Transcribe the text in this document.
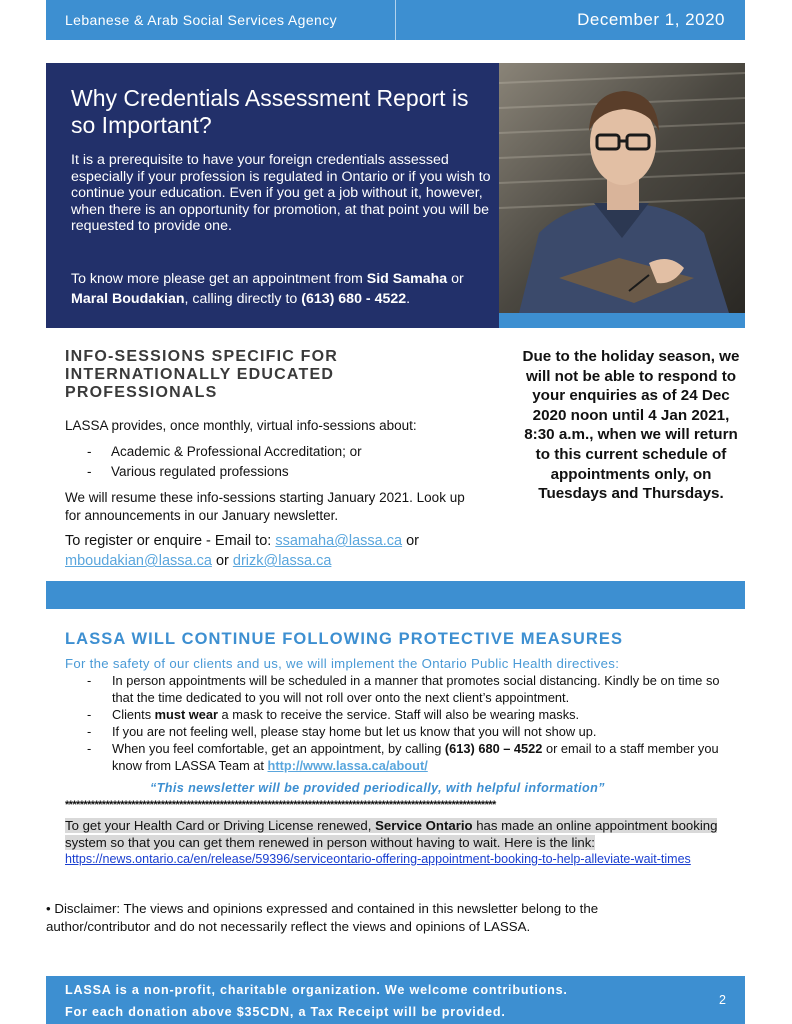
Lebanese & Arab Social Services Agency	December 1, 2020
Why Credentials Assessment Report is so Important?

It is a prerequisite to have your foreign credentials assessed especially if your profession is regulated in Ontario or if you wish to continue your education. Even if you get a job without it, however, when there is an opportunity for promotion, at that point you will be requested to provide one.

To know more please get an appointment from Sid Samaha or Maral Boudakian, calling directly to (613) 680 - 4522.

INFO-SESSIONS SPECIFIC FOR INTERNATIONALLY EDUCATED PROFESSIONALS

LASSA provides, once monthly, virtual info-sessions about:

- Academic & Professional Accreditation; or
- Various regulated professions

We will resume these info-sessions starting January 2021. Look up for announcements in our January newsletter.

To register or enquire - Email to: ssamaha@lassa.ca or
mboudakian@lassa.ca or drizk@lassa.ca

Due to the holiday season, we will not be able to respond to your enquiries as of 24 Dec 2020 noon until 4 Jan 2021, 8:30 a.m., when we will return to this current schedule of appointments only, on Tuesdays and Thursdays.

LASSA WILL CONTINUE FOLLOWING PROTECTIVE MEASURES

For the safety of our clients and us, we will implement the Ontario Public Health directives:

- In person appointments will be scheduled in a manner that promotes social distancing. Kindly be on time so that the time dedicated to you will not roll over onto the next client’s appointment.
- Clients must wear a mask to receive the service. Staff will also be wearing masks.
- If you are not feeling well, please stay home but let us know that you will not show up.
- When you feel comfortable, get an appointment, by calling (613) 680 – 4522 or email to a staff member you know from LASSA Team at http://www.lassa.ca/about/

“This newsletter will be provided periodically, with helpful information”

*********************************************************************************************************************

To get your Health Card or Driving License renewed, Service Ontario has made an online appointment booking system so that you can get them renewed in person without having to wait. Here is the link:

https://news.ontario.ca/en/release/59396/serviceontario-offering-appointment-booking-to-help-alleviate-wait-times

• Disclaimer: The views and opinions expressed and contained in this newsletter belong to the author/contributor and do not necessarily reflect the views and opinions of LASSA.

LASSA is a non-profit, charitable organization. We welcome contributions.

For each donation above $35CDN, a Tax Receipt will be provided.

2
